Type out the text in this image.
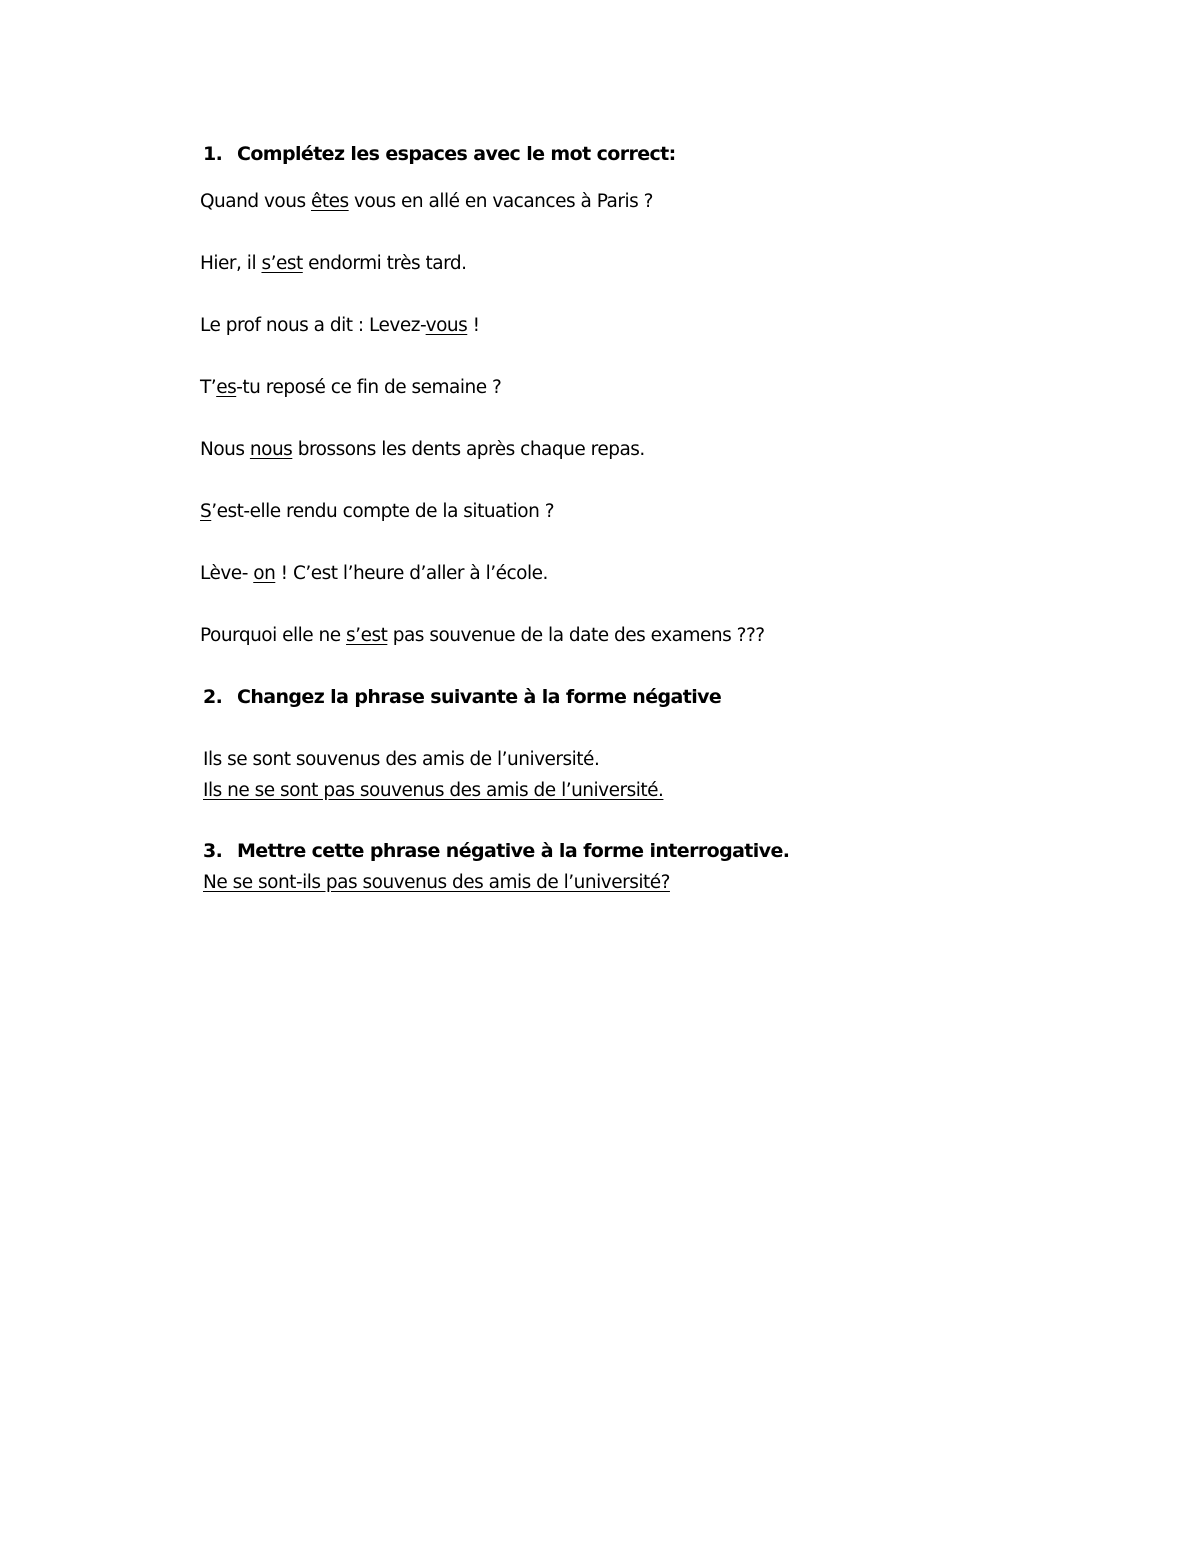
1. Complétez les espaces avec le mot correct:
Quand vous êtes vous en allé en vacances à Paris ?
Hier, il s’est endormi très tard.
Le prof nous a dit : Levez-vous !
T’es-tu reposé ce fin de semaine ?
Nous nous brossons les dents après chaque repas.
S’est-elle rendu compte de la situation ?
Lève- on ! C’est l’heure d’aller à l’école.
Pourquoi elle ne s’est pas souvenue de la date des examens ???
2. Changez la phrase suivante à la forme négative
Ils se sont souvenus des amis de l’université.
Ils ne se sont pas souvenus des amis de l’université.
3. Mettre cette phrase négative à la forme interrogative.
Ne se sont-ils pas souvenus des amis de l’université?
